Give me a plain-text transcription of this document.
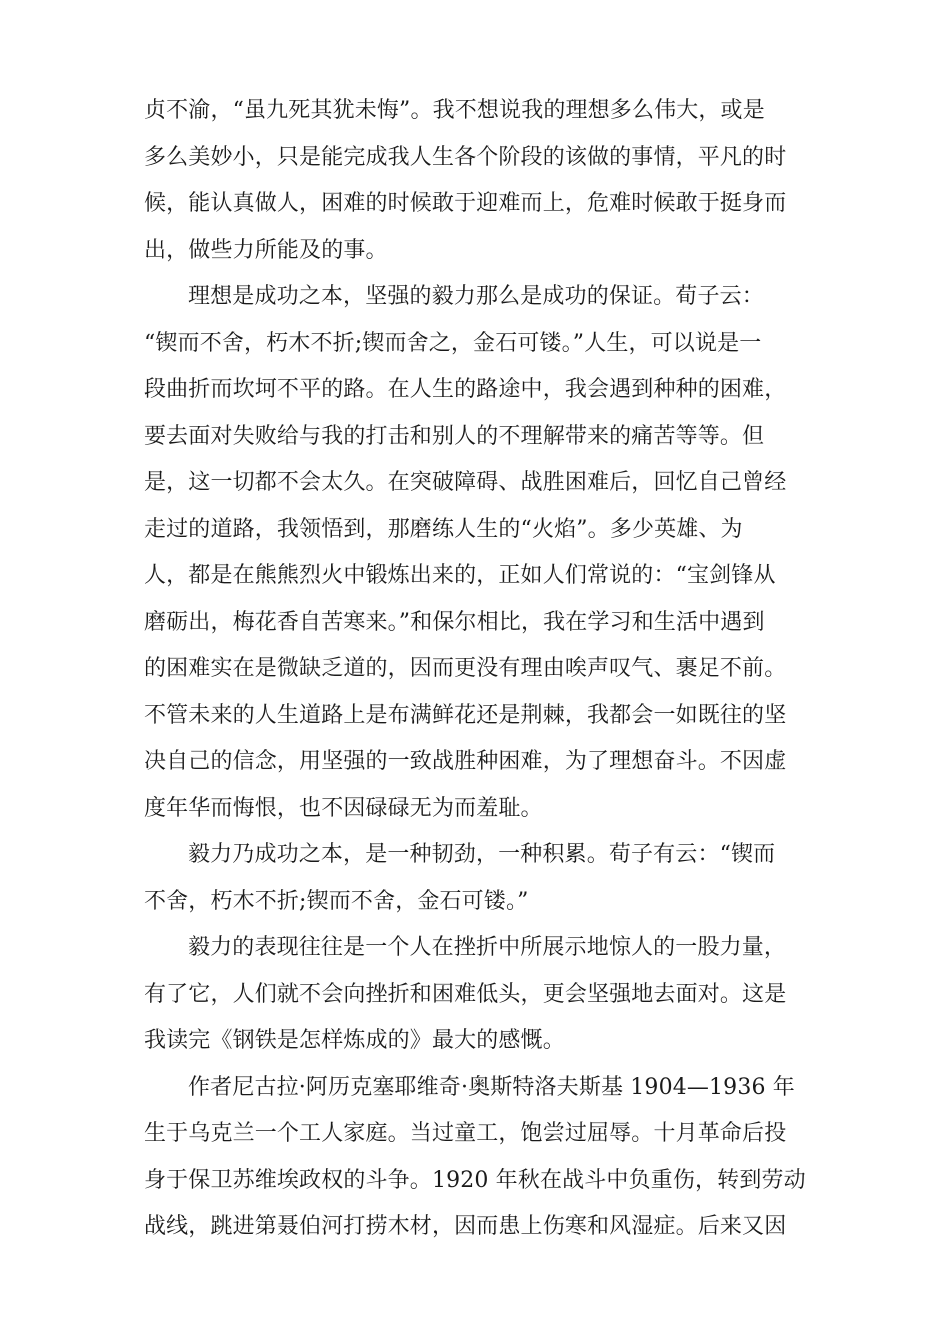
贞不渝，“虽九死其犹未悔”。我不想说我的理想多么伟大，或是
多么美妙小，只是能完成我人生各个阶段的该做的事情，平凡的时
候，能认真做人，困难的时候敢于迎难而上，危难时候敢于挺身而
出，做些力所能及的事。
理想是成功之本，坚强的毅力那么是成功的保证。荀子云：
“锲而不舍，朽木不折;锲而舍之，金石可镂。”人生，可以说是一
段曲折而坎坷不平的路。在人生的路途中，我会遇到种种的困难，
要去面对失败给与我的打击和别人的不理解带来的痛苦等等。但
是，这一切都不会太久。在突破障碍、战胜困难后，回忆自己曾经
走过的道路，我领悟到，那磨练人生的“火焰”。多少英雄、为
人，都是在熊熊烈火中锻炼出来的，正如人们常说的：“宝剑锋从
磨砺出，梅花香自苦寒来。”和保尔相比，我在学习和生活中遇到
的困难实在是微缺乏道的，因而更没有理由唉声叹气、裹足不前。
不管未来的人生道路上是布满鲜花还是荆棘，我都会一如既往的坚
决自己的信念，用坚强的一致战胜种困难，为了理想奋斗。不因虚
度年华而悔恨，也不因碌碌无为而羞耻。
毅力乃成功之本，是一种韧劲，一种积累。荀子有云：“锲而
不舍，朽木不折;锲而不舍，金石可镂。”
毅力的表现往往是一个人在挫折中所展示地惊人的一股力量，
有了它，人们就不会向挫折和困难低头，更会坚强地去面对。这是
我读完《钢铁是怎样炼成的》最大的感慨。
作者尼古拉·阿历克塞耶维奇·奥斯特洛夫斯基 1904—1936 年
生于乌克兰一个工人家庭。当过童工，饱尝过屈辱。十月革命后投
身于保卫苏维埃政权的斗争。1920 年秋在战斗中负重伤，转到劳动
战线，跳进第聂伯河打捞木材，因而患上伤寒和风湿症。后来又因
